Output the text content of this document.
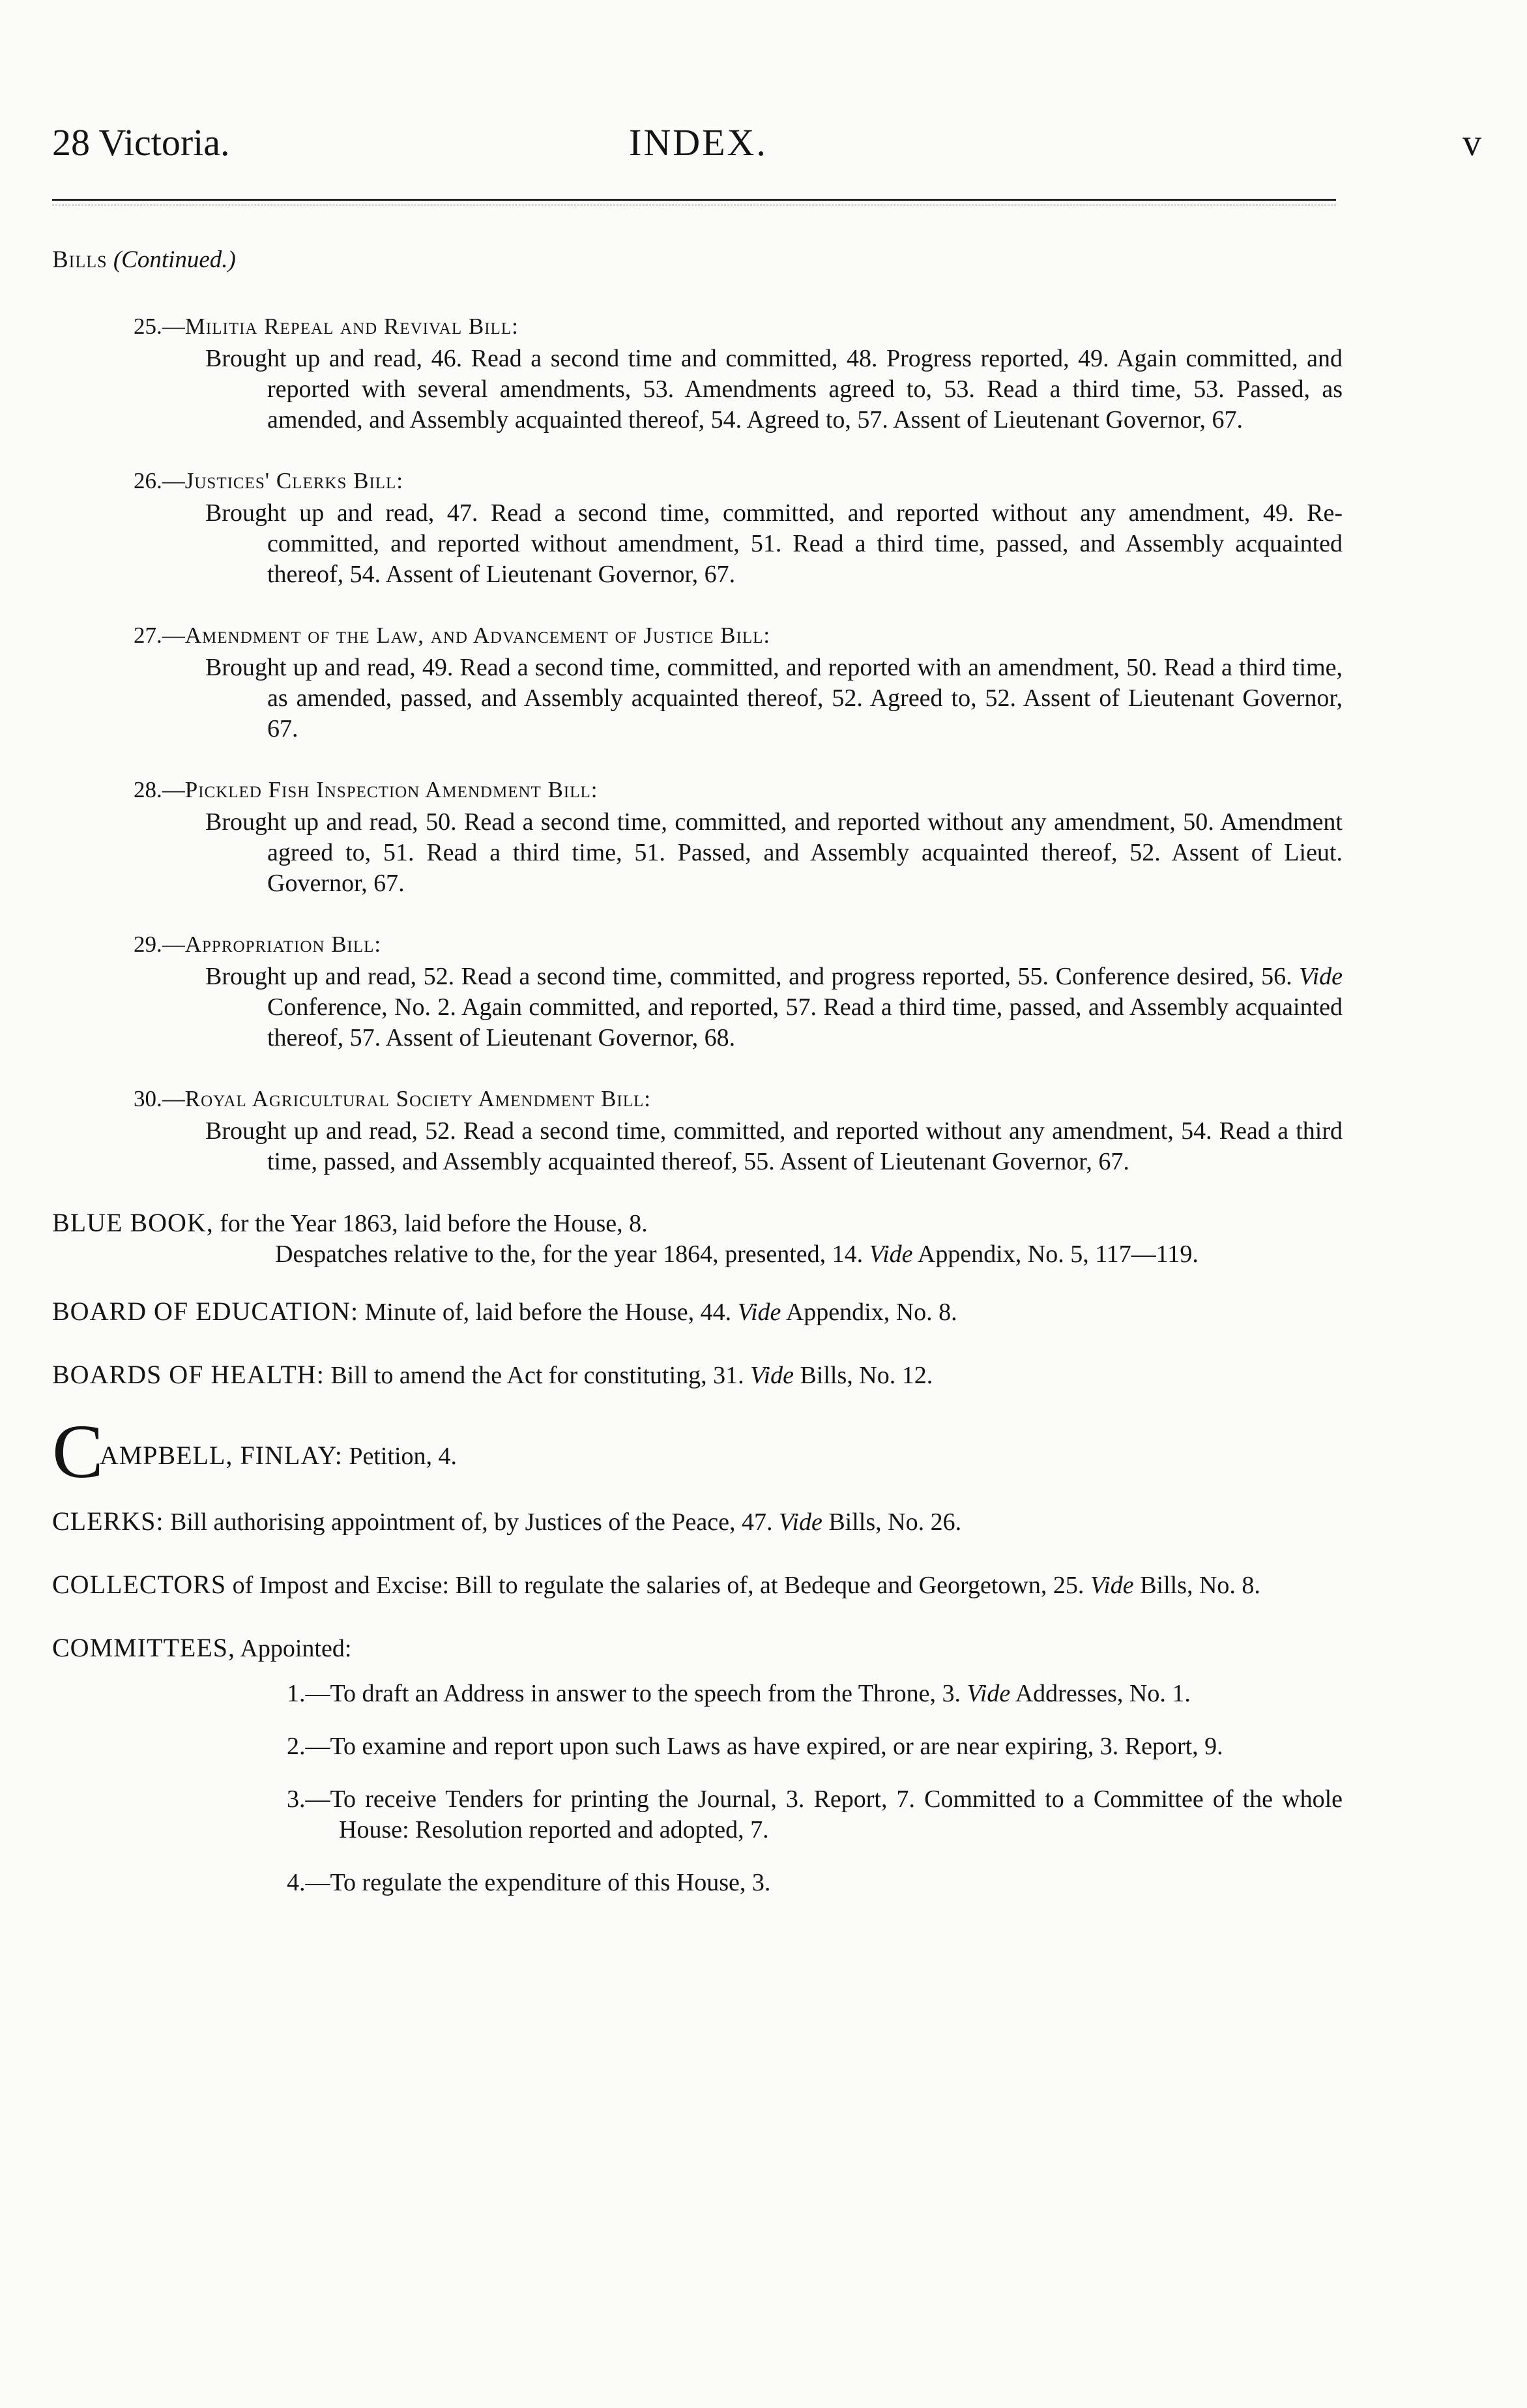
28 Victoria.	INDEX.	v
Bills (Continued.)
25.—Militia Repeal and Revival Bill:
Brought up and read, 46. Read a second time and committed, 48. Progress reported, 49. Again committed, and reported with several amendments, 53. Amendments agreed to, 53. Read a third time, 53. Passed, as amended, and Assembly acquainted thereof, 54. Agreed to, 57. Assent of Lieutenant Governor, 67.
26.—Justices' Clerks Bill:
Brought up and read, 47. Read a second time, committed, and reported without any amendment, 49. Re-committed, and reported without amendment, 51. Read a third time, passed, and Assembly acquainted thereof, 54. Assent of Lieutenant Governor, 67.
27.—Amendment of the Law, and Advancement of Justice Bill:
Brought up and read, 49. Read a second time, committed, and reported with an amendment, 50. Read a third time, as amended, passed, and Assembly acquainted thereof, 52. Agreed to, 52. Assent of Lieutenant Governor, 67.
28.—Pickled Fish Inspection Amendment Bill:
Brought up and read, 50. Read a second time, committed, and reported without any amendment, 50. Amendment agreed to, 51. Read a third time, 51. Passed, and Assembly acquainted thereof, 52. Assent of Lieut. Governor, 67.
29.—Appropriation Bill:
Brought up and read, 52. Read a second time, committed, and progress reported, 55. Conference desired, 56. Vide Conference, No. 2. Again committed, and reported, 57. Read a third time, passed, and Assembly acquainted thereof, 57. Assent of Lieutenant Governor, 68.
30.—Royal Agricultural Society Amendment Bill:
Brought up and read, 52. Read a second time, committed, and reported without any amendment, 54. Read a third time, passed, and Assembly acquainted thereof, 55. Assent of Lieutenant Governor, 67.
BLUE BOOK, for the Year 1863, laid before the House, 8.
Despatches relative to the, for the year 1864, presented, 14. Vide Appendix, No. 5, 117—119.
BOARD OF EDUCATION: Minute of, laid before the House, 44. Vide Appendix, No. 8.
BOARDS OF HEALTH: Bill to amend the Act for constituting, 31. Vide Bills, No. 12.
CAMPBELL, FINLAY: Petition, 4.
CLERKS: Bill authorising appointment of, by Justices of the Peace, 47. Vide Bills, No. 26.
COLLECTORS of Impost and Excise: Bill to regulate the salaries of, at Bedeque and Georgetown, 25. Vide Bills, No. 8.
COMMITTEES, Appointed:
1.—To draft an Address in answer to the speech from the Throne, 3. Vide Addresses, No. 1.
2.—To examine and report upon such Laws as have expired, or are near expiring, 3. Report, 9.
3.—To receive Tenders for printing the Journal, 3. Report, 7. Committed to a Committee of the whole House: Resolution reported and adopted, 7.
4.—To regulate the expenditure of this House, 3.
